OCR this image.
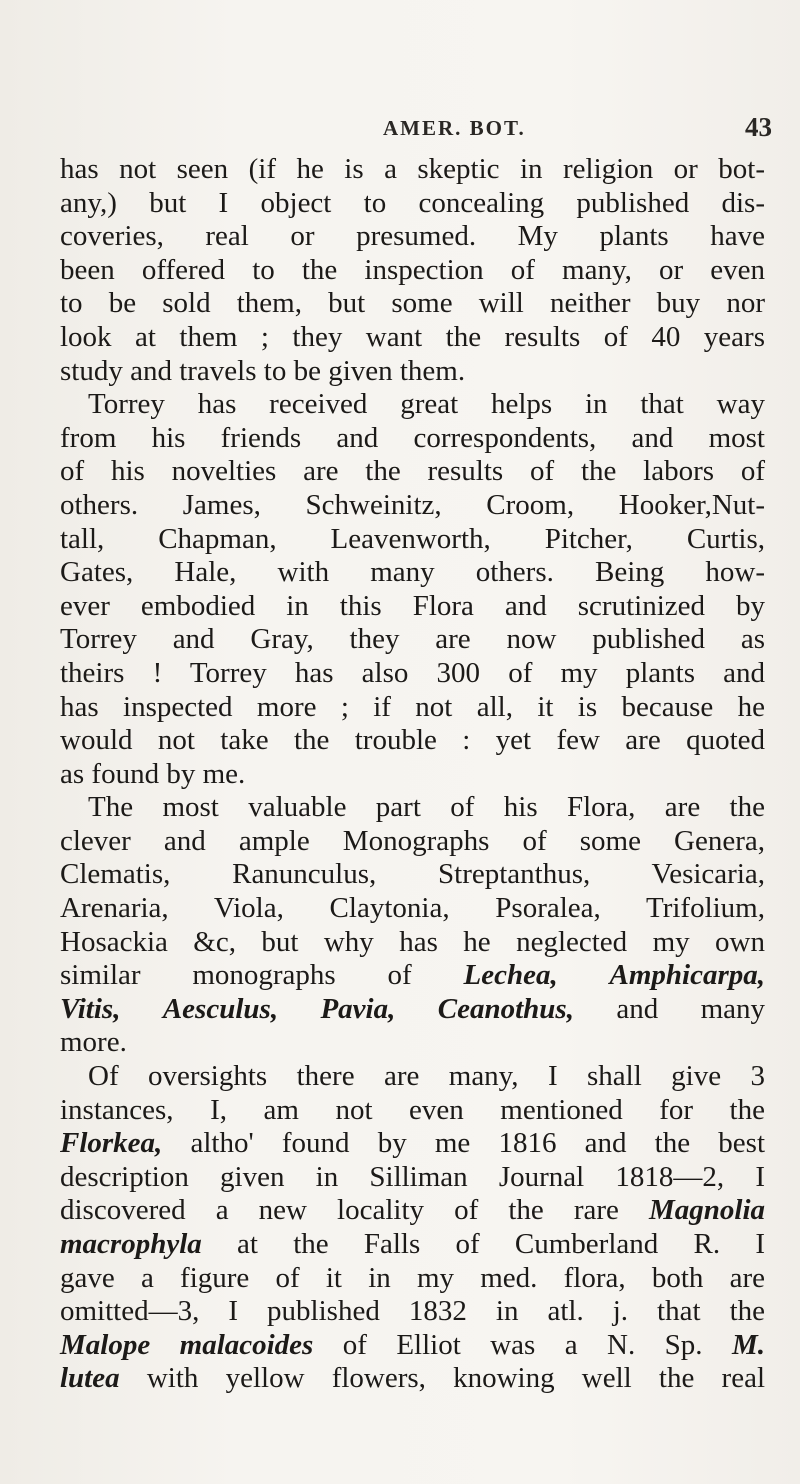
AMER. BOT.	43
has not seen (if he is a skeptic in religion or bot-
any,) but I object to concealing published dis-
coveries, real or presumed. My plants have
been offered to the inspection of many, or even
to be sold them, but some will neither buy nor
look at them ; they want the results of 40 years
study and travels to be given them.
Torrey has received great helps in that way
from his friends and correspondents, and most
of his novelties are the results of the labors of
others. James, Schweinitz, Croom, Hooker,Nut-
tall, Chapman, Leavenworth, Pitcher, Curtis,
Gates, Hale, with many others. Being how-
ever embodied in this Flora and scrutinized by
Torrey and Gray, they are now published as
theirs ! Torrey has also 300 of my plants and
has inspected more ; if not all, it is because he
would not take the trouble : yet few are quoted
as found by me.
The most valuable part of his Flora, are the
clever and ample Monographs of some Genera,
Clematis, Ranunculus, Streptanthus, Vesicaria,
Arenaria, Viola, Claytonia, Psoralea, Trifolium,
Hosackia &c, but why has he neglected my own
similar monographs of Lechea, Amphicarpa,
Vitis, Aesculus, Pavia, Ceanothus, and many
more.
Of oversights there are many, I shall give 3
instances, I, am not even mentioned for the
Florkea, altho' found by me 1816 and the best
description given in Silliman Journal 1818—2, I
discovered a new locality of the rare Magnolia
macrophyla at the Falls of Cumberland R. I
gave a figure of it in my med. flora, both are
omitted—3, I published 1832 in atl. j. that the
Malope malacoides of Elliot was a N. Sp. M.
lutea with yellow flowers, knowing well the real
